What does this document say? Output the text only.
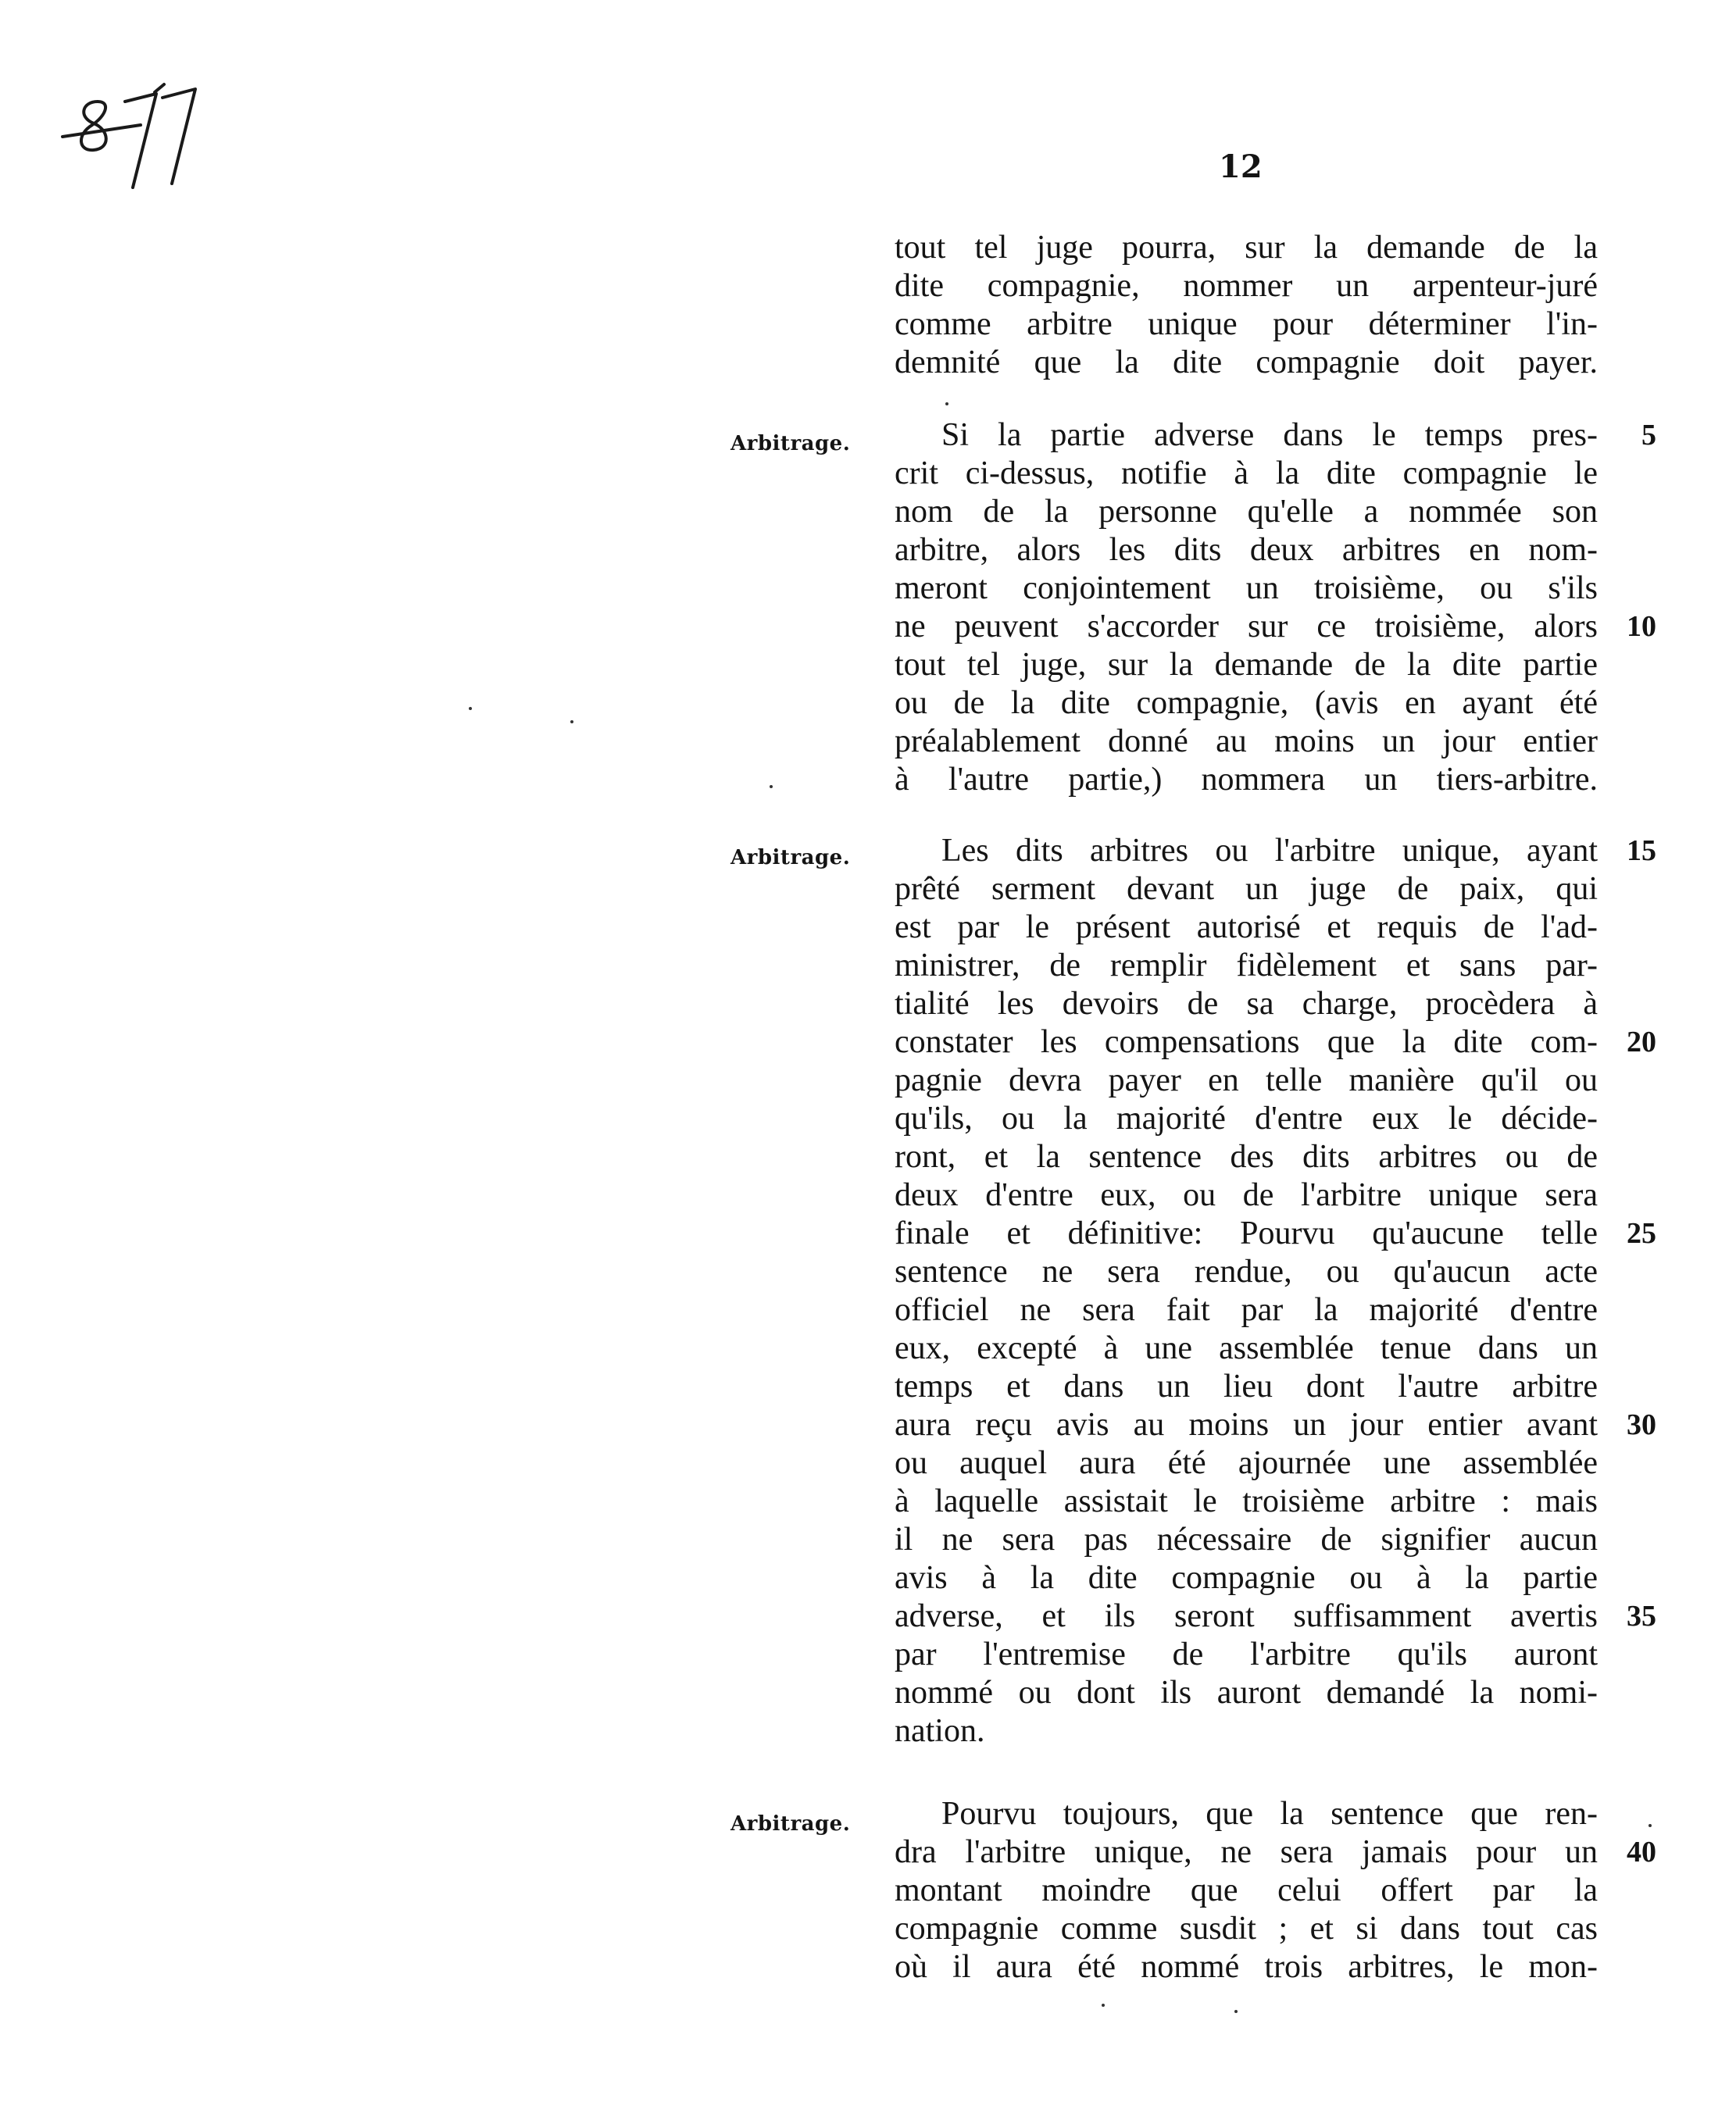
12
tout tel juge pourra, sur la demande de la
dite compagnie, nommer un arpenteur-juré
comme arbitre unique pour déterminer l'in-
demnité que la dite compagnie doit payer.
Arbitrage.	5
Si la partie adverse dans le temps pres-
crit ci-dessus, notifie à la dite compagnie le
nom de la personne qu'elle a nommée son
arbitre, alors les dits deux arbitres en nom-
meront conjointement un troisième, ou s'ils
ne peuvent s'accorder sur ce troisième, alors
tout tel juge, sur la demande de la dite partie
ou de la dite compagnie, (avis en ayant été
préalablement donné au moins un jour entier
à l'autre partie,) nommera un tiers-arbitre.
10
Arbitrage.	15
Les dits arbitres ou l'arbitre unique, ayant
prêté serment devant un juge de paix, qui
est par le présent autorisé et requis de l'ad-
ministrer, de remplir fidèlement et sans par-
tialité les devoirs de sa charge, procèdera à
constater les compensations que la dite com-
pagnie devra payer en telle manière qu'il ou
qu'ils, ou la majorité d'entre eux le décide-
ront, et la sentence des dits arbitres ou de
deux d'entre eux, ou de l'arbitre unique sera
finale et définitive: Pourvu qu'aucune telle
sentence ne sera rendue, ou qu'aucun acte
officiel ne sera fait par la majorité d'entre
eux, excepté à une assemblée tenue dans un
temps et dans un lieu dont l'autre arbitre
aura reçu avis au moins un jour entier avant
ou auquel aura été ajournée une assemblée
à laquelle assistait le troisième arbitre : mais
il ne sera pas nécessaire de signifier aucun
avis à la dite compagnie ou à la partie
adverse, et ils seront suffisamment avertis
par l'entremise de l'arbitre qu'ils auront
nommé ou dont ils auront demandé la nomi-
nation.
20
25
30
35
Arbitrage.	Pourvu toujours, que la sentence que ren-
dra l'arbitre unique, ne sera jamais pour un
montant moindre que celui offert par la
compagnie comme susdit ; et si dans tout cas
où il aura été nommé trois arbitres, le mon-
40
